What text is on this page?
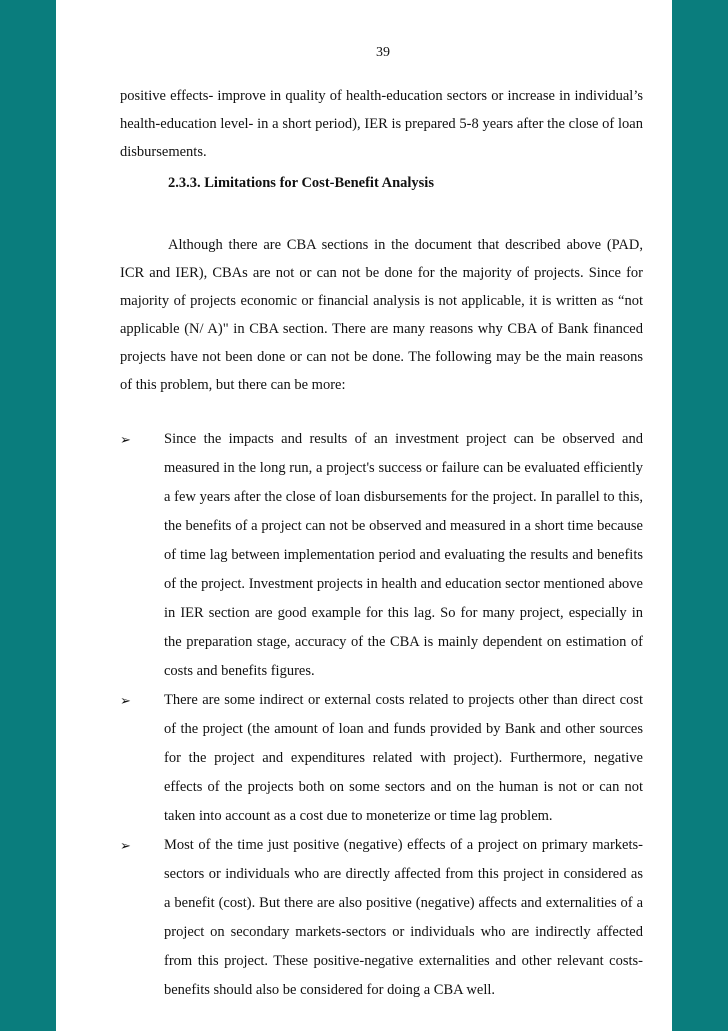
39

positive effects- improve in quality of health-education sectors or increase in individual’s health-education level- in a short period), IER is prepared 5-8 years after the close of loan disbursements.

2.3.3. Limitations for Cost-Benefit Analysis

Although there are CBA sections in the document that described above (PAD, ICR and IER), CBAs are not or can not be done for the majority of projects. Since for majority of projects economic or financial analysis is not applicable, it is written as “not applicable (N/ A)" in CBA section. There are many reasons why CBA of Bank financed projects have not been done or can not be done. The following may be the main reasons of this problem, but there can be more:

➢	Since the impacts and results of an investment project can be observed and measured in the long run, a project's success or failure can be evaluated efficiently a few years after the close of loan disbursements for the project. In parallel to this, the benefits of a project can not be observed and measured in a short time because of time lag between implementation period and evaluating the results and benefits of the project. Investment projects in health and education sector mentioned above in IER section are good example for this lag. So for many project, especially in the preparation stage, accuracy of the CBA is mainly dependent on estimation of costs and benefits figures.
➢	There are some indirect or external costs related to projects other than direct cost of the project (the amount of loan and funds provided by Bank and other sources for the project and expenditures related with project). Furthermore, negative effects of the projects both on some sectors and on the human is not or can not taken into account as a cost due to moneterize or time lag problem.
➢	Most of the time just positive (negative) effects of a project on primary markets-sectors or individuals who are directly affected from this project in considered as a benefit (cost). But there are also positive (negative) affects and externalities of a project on secondary markets-sectors or individuals who are indirectly affected from this project. These positive-negative externalities and other relevant costs-benefits should also be considered for doing a CBA well.
